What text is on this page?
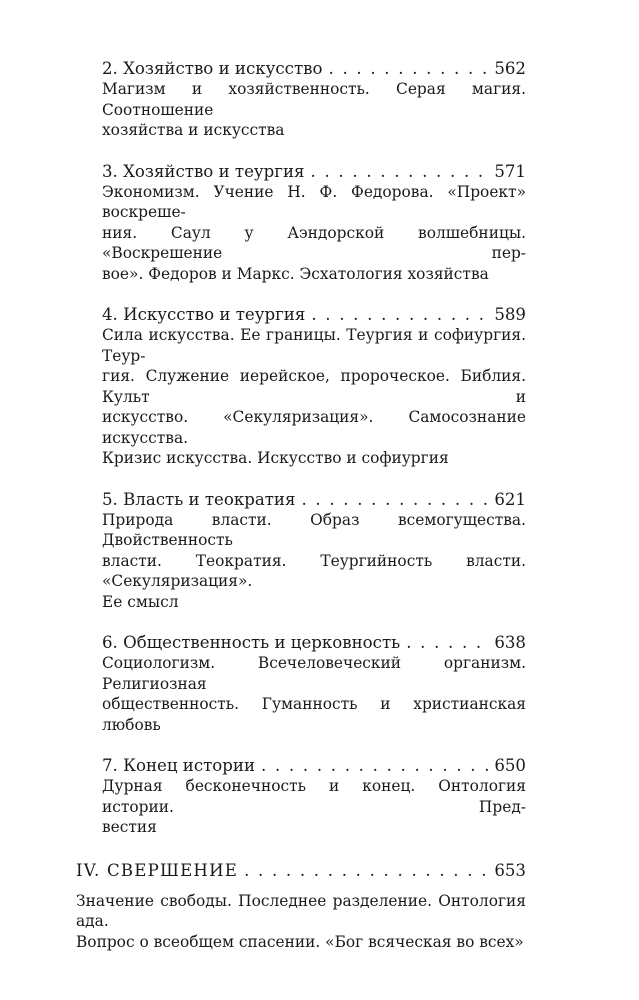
2. Хозяйство и искусство . . .	562

Магизм и хозяйственность. Серая магия. Соотношение
хозяйства и искусства

3. Хозяйство и теургия . . .	571

Экономизм. Учение Н. Ф. Федорова. «Проект» воскреше-
ния. Саул у Аэндорской волшебницы. «Воскрешение пер-
вое». Федоров и Маркс. Эсхатология хозяйства

4. Искусство и теургия . . .	589

Сила искусства. Ее границы. Теургия и софиургия. Теур-
гия. Служение иерейское, пророческое. Библия. Культ и
искусство. «Секуляризация». Самосознание искусства.
Кризис искусства. Искусство и софиургия

5. Власть и теократия . . .	621

Природа власти. Образ всемогущества. Двойственность
власти. Теократия. Теургийность власти. «Секуляризация».
Ее смысл

6. Общественность и церковность . . .	638

Социологизм. Всечеловеческий организм. Религиозная
общественность. Гуманность и христианская любовь

7. Конец истории . . .	650

Дурная бесконечность и конец. Онтология истории. Пред-
вестия

IV. СВЕРШЕНИЕ . . .	653

Значение свободы. Последнее разделение. Онтология ада.
Вопрос о всеобщем спасении. «Бог всяческая во всех»
